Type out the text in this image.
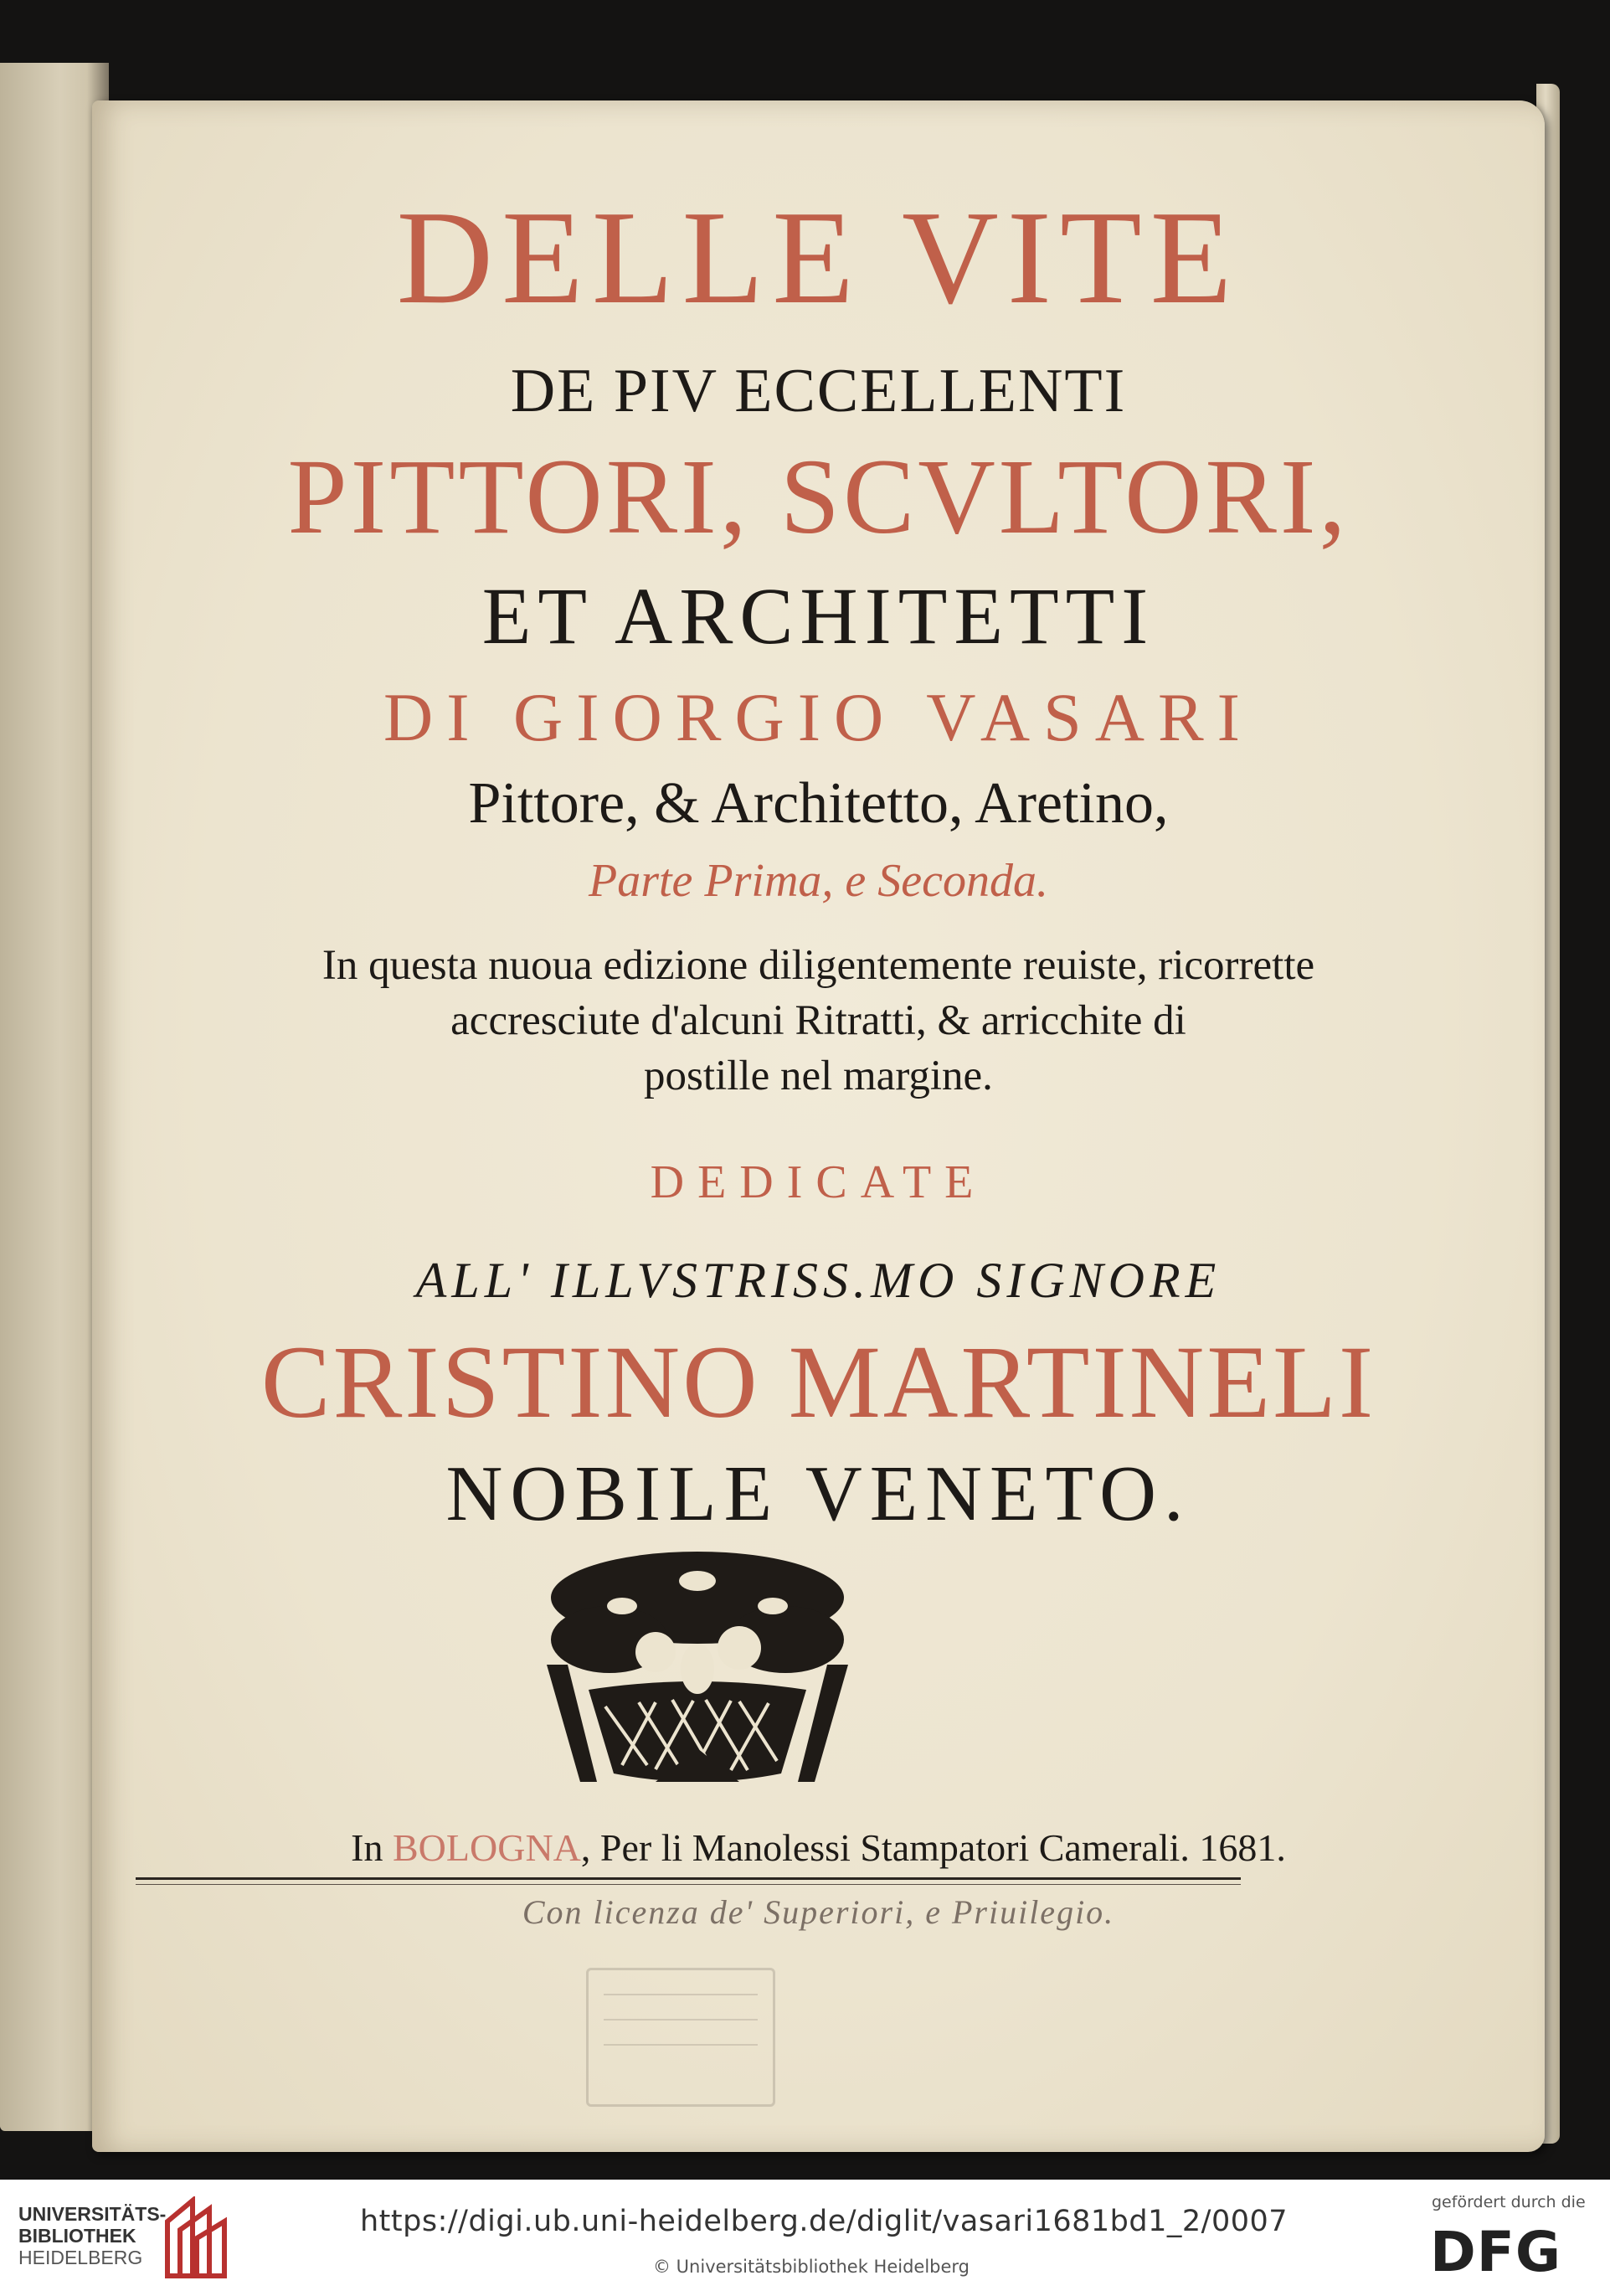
DELLE VITE
DE PIV ECCELLENTI
PITTORI, SCVLTORI,
ET ARCHITETTI
DI GIORGIO VASARI
Pittore, & Architetto, Aretino,
Parte Prima, e Seconda.
In questa nuoua edizione diligentemente reuiste, ricorrette
accresciute d'alcuni Ritratti, & arricchite di
postille nel margine.
DEDICATE
ALL' ILLVSTRISS.MO SIGNORE
CRISTINO MARTINELI
NOBILE VENETO.
In BOLOGNA, Per li Manolessi Stampatori Camerali. 1681.
Con licenza de' Superiori, e Priuilegio.
UNIVERSITÄTS-
BIBLIOTHEK
HEIDELBERG
https://digi.ub.uni-heidelberg.de/diglit/vasari1681bd1_2/0007
© Universitätsbibliothek Heidelberg
gefördert durch die
DFG
